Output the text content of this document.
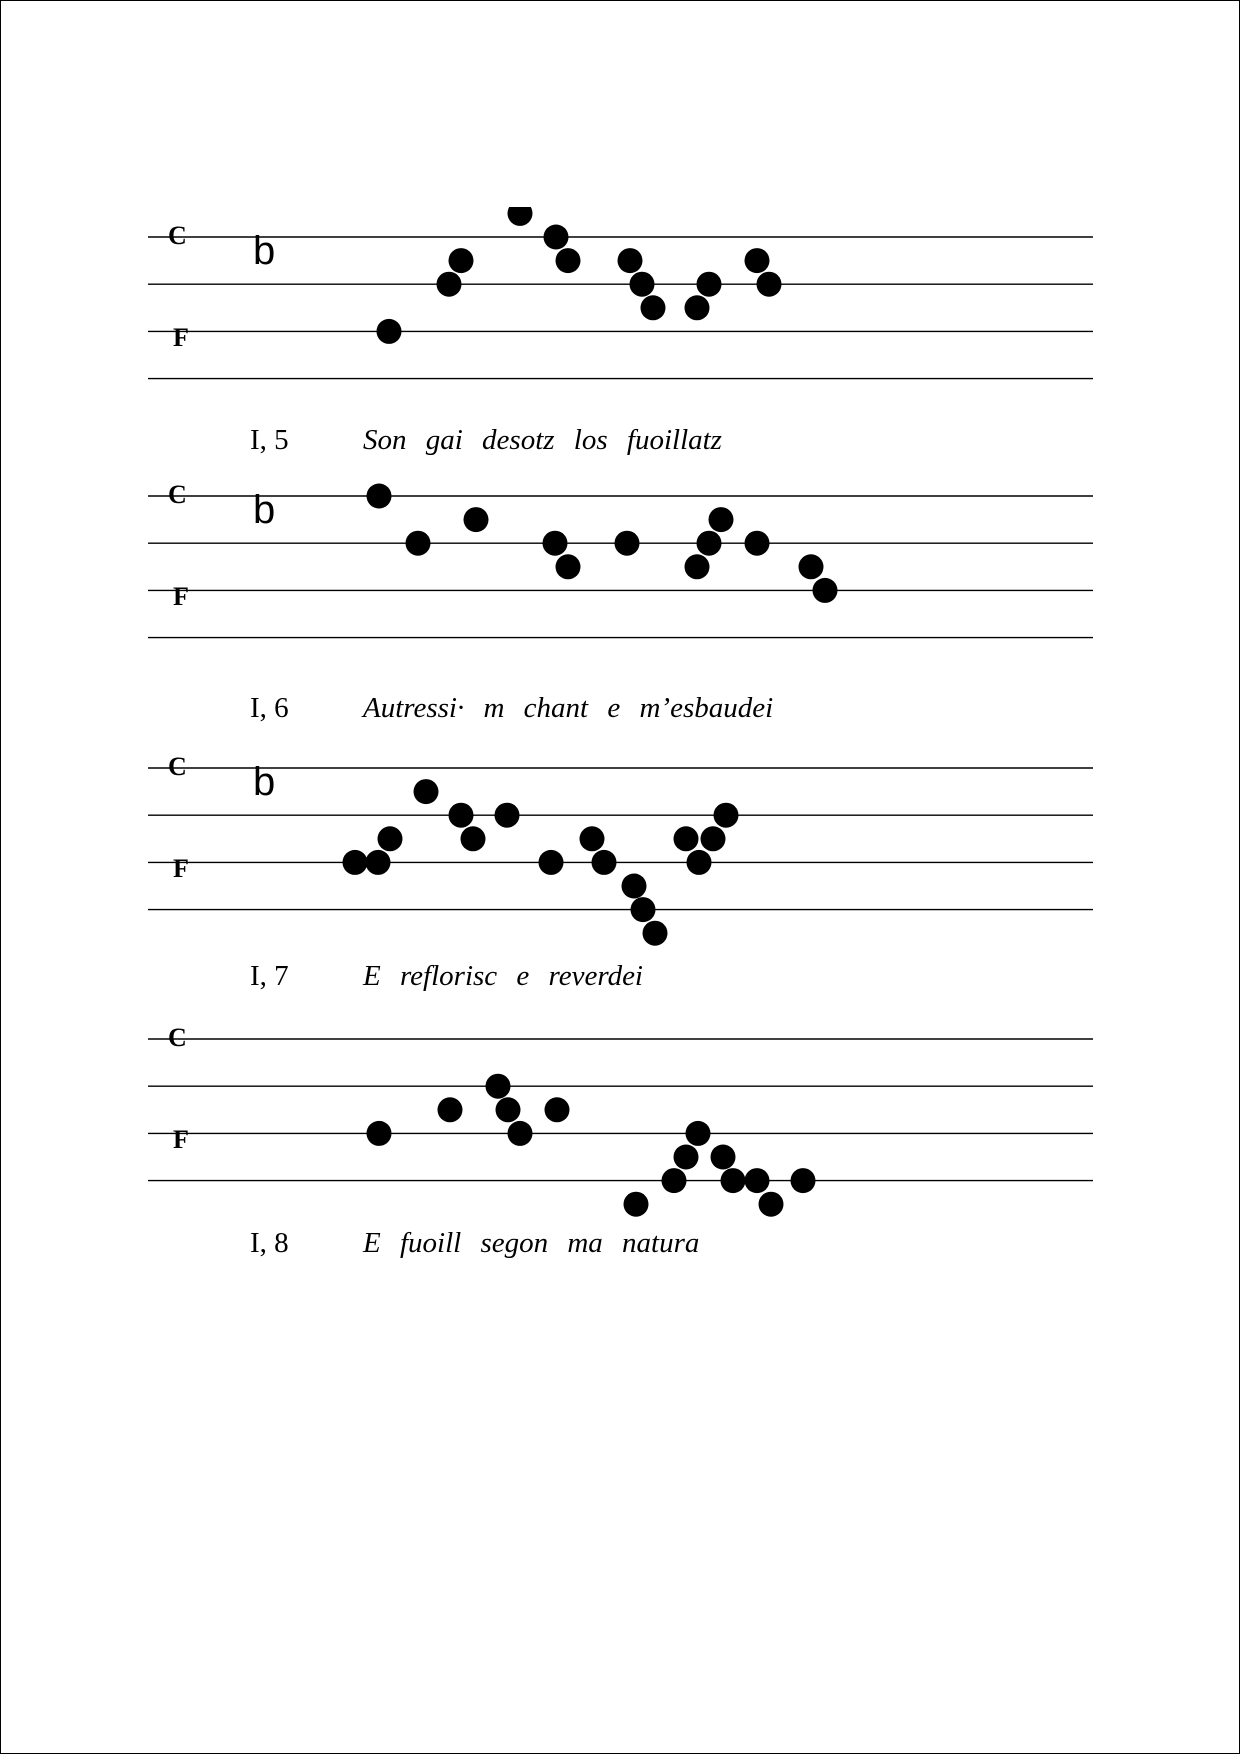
C
F
b
I, 5	Son gai desotz los fuoillatz
C
F
b
I, 6	Autressi· m chant e m’esbaudei
C
F
b
I, 7	E reflorisc e reverdei
C
F
I, 8	E fuoill segon ma natura
